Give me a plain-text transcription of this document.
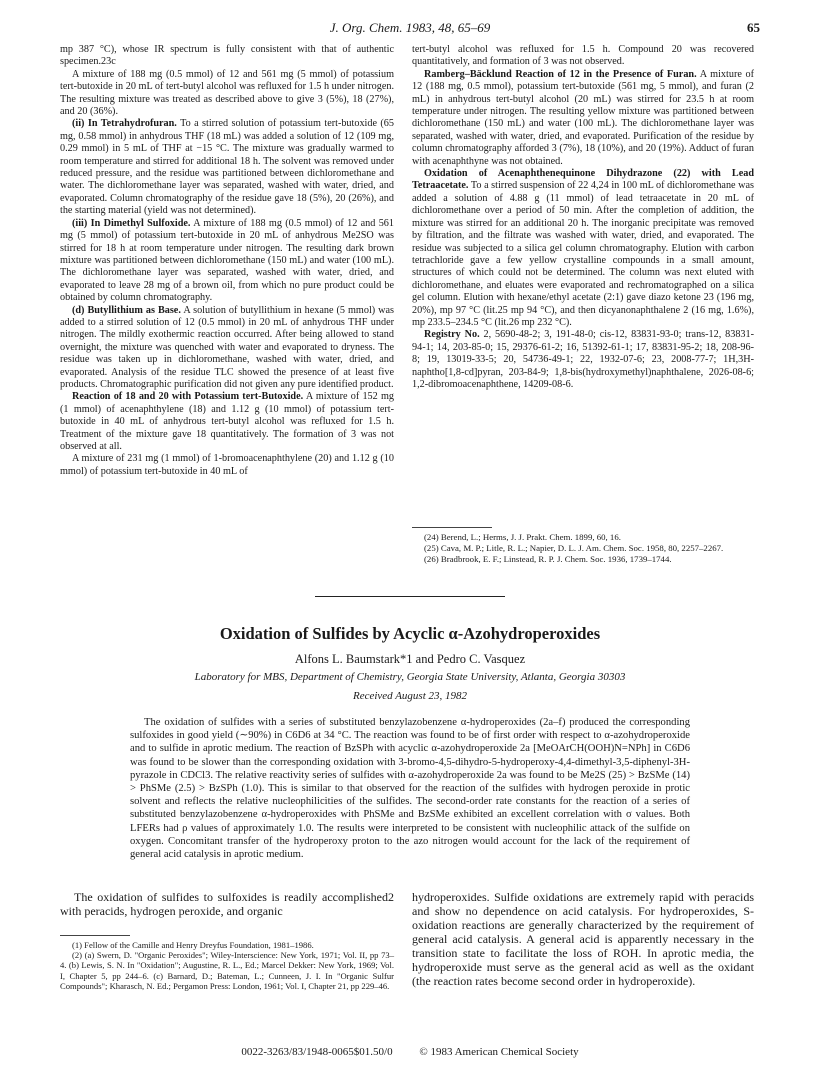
J. Org. Chem. 1983, 48, 65–69	65

mp 387 °C), whose IR spectrum is fully consistent with that of authentic specimen.23c

A mixture of 188 mg (0.5 mmol) of 12 and 561 mg (5 mmol) of potassium tert-butoxide in 20 mL of tert-butyl alcohol was refluxed for 1.5 h under nitrogen. The resulting mixture was treated as described above to give 3 (5%), 18 (27%), and 20 (36%).

(ii) In Tetrahydrofuran. To a stirred solution of potassium tert-butoxide (65 mg, 0.58 mmol) in anhydrous THF (18 mL) was added a solution of 12 (109 mg, 0.29 mmol) in 5 mL of THF at −15 °C. The mixture was gradually warmed to room temperature and stirred for additional 18 h. The solvent was removed under reduced pressure, and the residue was partitioned between dichloromethane and water. The dichloromethane layer was separated, washed with water, dried, and evaporated. Column chromatography of the residue gave 18 (5%), 20 (26%), and the starting material (yield was not determined).

(iii) In Dimethyl Sulfoxide. A mixture of 188 mg (0.5 mmol) of 12 and 561 mg (5 mmol) of potassium tert-butoxide in 20 mL of anhydrous Me2SO was stirred for 18 h at room temperature under nitrogen. The resulting dark brown mixture was partitioned between dichloromethane (150 mL) and water (100 mL). The dichloromethane layer was separated, washed with water, dried, and evaporated to leave 28 mg of a brown oil, from which no pure product could be obtained by column chromatography.

(d) Butyllithium as Base. A solution of butyllithium in hexane (5 mmol) was added to a stirred solution of 12 (0.5 mmol) in 20 mL of anhydrous THF under nitrogen. The mildly exothermic reaction occurred. After being allowed to stand overnight, the mixture was quenched with water and evaporated to dryness. The residue was taken up in dichloromethane, washed with water, dried, and evaporated. Analysis of the residue TLC showed the presence of at least five products. Chromatographic purification did not given any pure identified product.

Reaction of 18 and 20 with Potassium tert-Butoxide. A mixture of 152 mg (1 mmol) of acenaphthylene (18) and 1.12 g (10 mmol) of potassium tert-butoxide in 40 mL of anhydrous tert-butyl alcohol was refluxed for 1.5 h. Treatment of the mixture gave 18 quantitatively. The formation of 3 was not observed at all.

A mixture of 231 mg (1 mmol) of 1-bromoacenaphthylene (20) and 1.12 g (10 mmol) of potassium tert-butoxide in 40 mL of

tert-butyl alcohol was refluxed for 1.5 h. Compound 20 was recovered quantitatively, and formation of 3 was not observed.

Ramberg–Bäcklund Reaction of 12 in the Presence of Furan. A mixture of 12 (188 mg, 0.5 mmol), potassium tert-butoxide (561 mg, 5 mmol), and furan (2 mL) in anhydrous tert-butyl alcohol (20 mL) was stirred for 23.5 h at room temperature under nitrogen. The resulting yellow mixture was partitioned between dichloromethane (150 mL) and water (100 mL). The dichloromethane layer was separated, washed with water, dried, and evaporated. Purification of the residue by column chromatography afforded 3 (7%), 18 (10%), and 20 (19%). Adduct of furan with acenaphthyne was not obtained.

Oxidation of Acenaphthenequinone Dihydrazone (22) with Lead Tetraacetate. To a stirred suspension of 22 4,24 in 100 mL of dichloromethane was added a solution of 4.88 g (11 mmol) of lead tetraacetate in 20 mL of dichloromethane over a period of 50 min. After the completion of addition, the mixture was stirred for an additional 20 h. The inorganic precipitate was removed by filtration, and the filtrate was washed with water, dried, and evaporated. The residue was subjected to a silica gel column chromatography. Elution with carbon tetrachloride gave a few yellow crystalline compounds in a small amount, structures of which could not be determined. The column was next eluted with dichloromethane, and eluates were evaporated and rechromatographed on a silica gel column. Elution with hexane/ethyl acetate (2:1) gave diazo ketone 23 (196 mg, 20%), mp 97 °C (lit.25 mp 94 °C), and then dicyanonaphthalene 2 (16 mg, 1.6%), mp 233.5–234.5 °C (lit.26 mp 232 °C).

Registry No. 2, 5690-48-2; 3, 191-48-0; cis-12, 83831-93-0; trans-12, 83831-94-1; 14, 203-85-0; 15, 29376-61-2; 16, 51392-61-1; 17, 83831-95-2; 18, 208-96-8; 19, 13019-33-5; 20, 54736-49-1; 22, 1932-07-6; 23, 2008-77-7; 1H,3H-naphtho[1,8-cd]pyran, 203-84-9; 1,8-bis(hydroxymethyl)naphthalene, 2026-08-6; 1,2-dibromoacenaphthene, 14209-08-6.

(24) Berend, L.; Herms, J. J. Prakt. Chem. 1899, 60, 16.

(25) Cava, M. P.; Litle, R. L.; Napier, D. L. J. Am. Chem. Soc. 1958, 80, 2257–2267.

(26) Bradbrook, E. F.; Linstead, R. P. J. Chem. Soc. 1936, 1739–1744.

Oxidation of Sulfides by Acyclic α-Azohydroperoxides
Alfons L. Baumstark*1 and Pedro C. Vasquez
Laboratory for MBS, Department of Chemistry, Georgia State University, Atlanta, Georgia 30303
Received August 23, 1982

The oxidation of sulfides with a series of substituted benzylazobenzene α-hydroperoxides (2a–f) produced the corresponding sulfoxides in good yield (∼90%) in C6D6 at 34 °C. The reaction was found to be of first order with respect to α-azohydroperoxide and to sulfide in aprotic medium. The reaction of BzSPh with acyclic α-azohydroperoxide 2a [MeOArCH(OOH)N=NPh] in C6D6 was found to be slower than the corresponding oxidation with 3-bromo-4,5-dihydro-5-hydroperoxy-4,4-dimethyl-3,5-diphenyl-3H-pyrazole in CDCl3. The relative reactivity series of sulfides with α-azohydroperoxide 2a was found to be Me2S (25) > BzSMe (14) > PhSMe (2.5) > BzSPh (1.0). This is similar to that observed for the reaction of the sulfides with hydrogen peroxide in protic solvent and reflects the relative nucleophilicities of the sulfides. The second-order rate constants for the reaction of a series of substituted benzylazobenzene α-hydroperoxides with PhSMe and BzSMe exhibited an excellent correlation with σ values. Both LFERs had ρ values of approximately 1.0. The results were interpreted to be consistent with nucleophilic attack of the sulfide on oxygen. Concomitant transfer of the hydroperoxy proton to the azo nitrogen would account for the lack of the requirement of general acid catalysis in aprotic medium.

The oxidation of sulfides to sulfoxides is readily accomplished2 with peracids, hydrogen peroxide, and organic

(1) Fellow of the Camille and Henry Dreyfus Foundation, 1981–1986.

(2) (a) Swern, D. "Organic Peroxides"; Wiley-Interscience: New York, 1971; Vol. II, pp 73–4. (b) Lewis, S. N. In "Oxidation"; Augustine, R. L., Ed.; Marcel Dekker: New York, 1969; Vol. I, Chapter 5, pp 244–6. (c) Barnard, D.; Bateman, L.; Cunneen, J. I. In "Organic Sulfur Compounds"; Kharasch, N. Ed.; Pergamon Press: London, 1961; Vol. I, Chapter 21, pp 229–46.

hydroperoxides. Sulfide oxidations are extremely rapid with peracids and show no dependence on acid catalysis. For hydroperoxides, S-oxidation reactions are generally characterized by the requirement of general acid catalysis. A general acid is apparently necessary in the transition state to facilitate the loss of ROH. In aprotic media, the hydroperoxide must serve as the general acid as well as the oxidant (the reaction rates become second order in hydroperoxide).

0022-3263/83/1948-0065$01.50/0 © 1983 American Chemical Society
